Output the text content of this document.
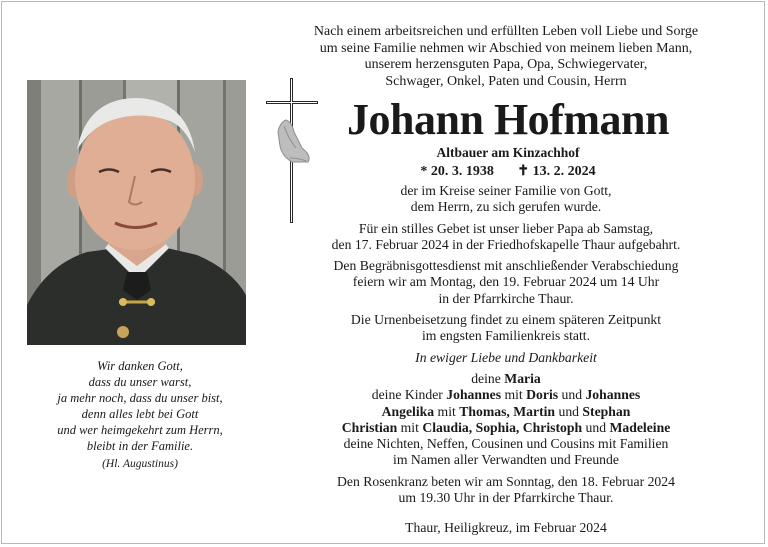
Wir danken Gott,
dass du unser warst,
ja mehr noch, dass du unser bist,
denn alles lebt bei Gott
und wer heimgekehrt zum Herrn,
bleibt in der Familie.
(Hl. Augustinus)
Nach einem arbeitsreichen und erfüllten Leben voll Liebe und Sorge
um seine Familie nehmen wir Abschied von meinem lieben Mann,
unserem herzensguten Papa, Opa, Schwiegervater,
Schwager, Onkel, Paten und Cousin, Herrn
Johann Hofmann
Altbauer am Kinzachhof
* 20. 3. 1938 ✝ 13. 2. 2024

der im Kreise seiner Familie von Gott,
dem Herrn, zu sich gerufen wurde.

Für ein stilles Gebet ist unser lieber Papa ab Samstag,
den 17. Februar 2024 in der Friedhofskapelle Thaur aufgebahrt.

Den Begräbnisgottesdienst mit anschließender Verabschiedung
feiern wir am Montag, den 19. Februar 2024 um 14 Uhr
in der Pfarrkirche Thaur.

Die Urnenbeisetzung findet zu einem späteren Zeitpunkt
im engsten Familienkreis statt.

In ewiger Liebe und Dankbarkeit

deine Maria
deine Kinder Johannes mit Doris und Johannes
Angelika mit Thomas, Martin und Stephan
Christian mit Claudia, Sophia, Christoph und Madeleine
deine Nichten, Neffen, Cousinen und Cousins mit Familien
im Namen aller Verwandten und Freunde

Den Rosenkranz beten wir am Sonntag, den 18. Februar 2024
um 19.30 Uhr in der Pfarrkirche Thaur.

Thaur, Heiligkreuz, im Februar 2024
